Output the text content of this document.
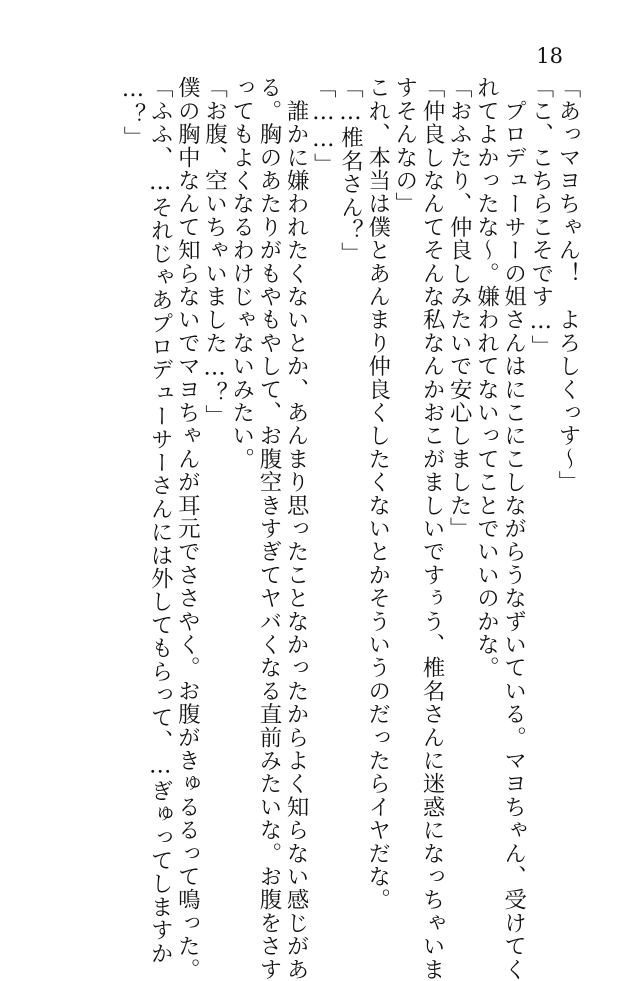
18
「あっマヨちゃん！　よろしくっす〜」
「こ、こちらこそです…」
　プロデューサーの姐さんはにこにこしながらうなずいている。マヨちゃん、受けてく
れてよかったな〜。嫌われてないってことでいいのかな。
「おふたり、仲良しみたいで安心しました」
「仲良しなんてそんな私なんかおこがましいですぅう、椎名さんに迷惑になっちゃいま
すそんなの」
これ、本当は僕とあんまり仲良くしたくないとかそういうのだったらイヤだな。
「…椎名さん？」
「……」
　誰かに嫌われたくないとか、あんまり思ったことなかったからよく知らない感じがあ
る。胸のあたりがもやもやして、お腹空きすぎてヤバくなる直前みたいな。お腹をさす
ってもよくなるわけじゃないみたい。
「お腹、空いちゃいました…？」
僕の胸中なんて知らないでマヨちゃんが耳元でささやく。お腹がきゅるるって鳴った。
「ふふ、…それじゃあプロデューサーさんには外してもらって、…ぎゅってしますか
…？」
